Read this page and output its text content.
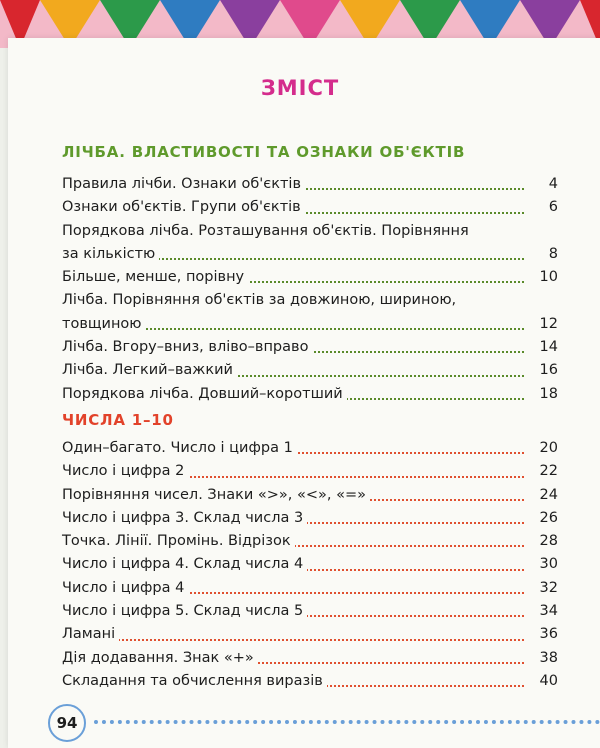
ЗМІСТ
ЛІЧБА. ВЛАСТИВОСТІ ТА ОЗНАКИ ОБ'ЄКТІВ
Правила лічби. Ознаки об'єктів	4
Ознаки об'єктів. Групи об'єктів	6
Порядкова лічба. Розташування об'єктів. Порівняння
за кількістю	8
Більше, менше, порівну	10
Лічба. Порівняння об'єктів за довжиною, шириною,
товщиною	12
Лічба. Вгору–вниз, вліво–вправо	14
Лічба. Легкий–важкий	16
Порядкова лічба. Довший–коротший	18
ЧИСЛА 1–10
Один–багато. Число і цифра 1	20
Число і цифра 2	22
Порівняння чисел. Знаки «>», «<», «=»	24
Число і цифра 3. Склад числа 3	26
Точка. Лінії. Промінь. Відрізок	28
Число і цифра 4. Склад числа 4	30
Число і цифра 4	32
Число і цифра 5. Склад числа 5	34
Ламані	36
Дія додавання. Знак «+»	38
Складання та обчислення виразів	40
94
